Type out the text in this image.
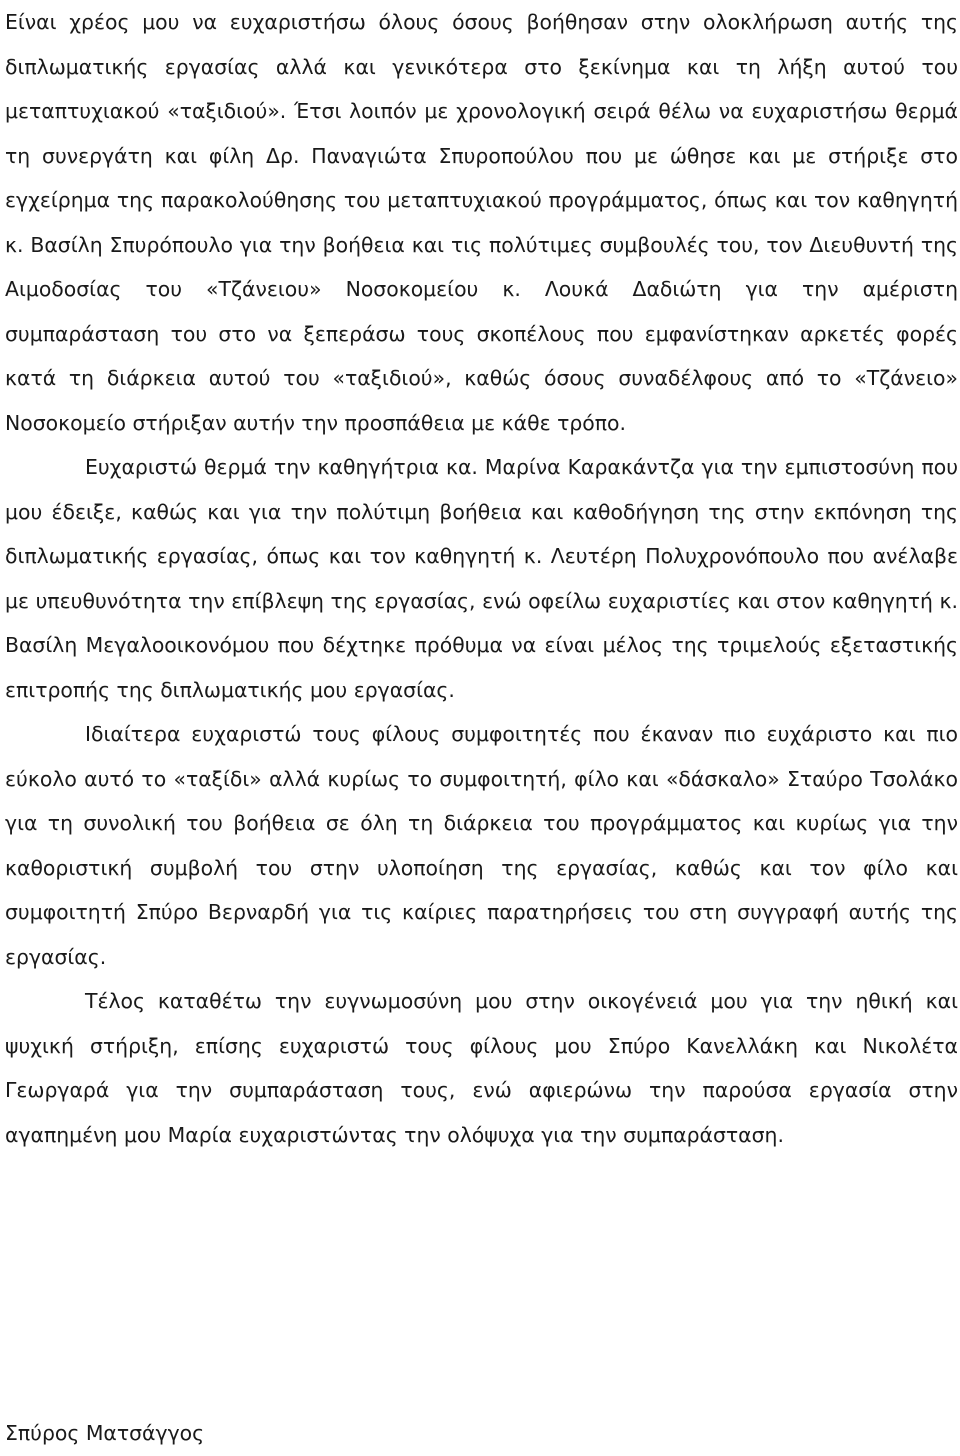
Είναι χρέος μου να ευχαριστήσω όλους όσους βοήθησαν στην ολοκλήρωση αυτής της διπλωματικής εργασίας αλλά και γενικότερα στο ξεκίνημα και τη λήξη αυτού του μεταπτυχιακού «ταξιδιού». Έτσι λοιπόν με χρονολογική σειρά θέλω να ευχαριστήσω θερμά τη συνεργάτη και φίλη Δρ. Παναγιώτα Σπυροπούλου που με ώθησε και με στήριξε στο εγχείρημα της παρακολούθησης του μεταπτυχιακού προγράμματος, όπως και τον καθηγητή κ. Βασίλη Σπυρόπουλο για την βοήθεια και τις πολύτιμες συμβουλές του, τον Διευθυντή της Αιμοδοσίας του «Τζάνειου» Νοσοκομείου κ. Λουκά Δαδιώτη για την αμέριστη συμπαράσταση του στο να ξεπεράσω τους σκοπέλους που εμφανίστηκαν αρκετές φορές κατά τη διάρκεια αυτού του «ταξιδιού», καθώς όσους συναδέλφους από το «Τζάνειο» Νοσοκομείο στήριξαν αυτήν την προσπάθεια με κάθε τρόπο.

Ευχαριστώ θερμά την καθηγήτρια κα. Μαρίνα Καρακάντζα για την εμπιστοσύνη που μου έδειξε, καθώς και για την πολύτιμη βοήθεια και καθοδήγηση της στην εκπόνηση της διπλωματικής εργασίας, όπως και τον καθηγητή κ. Λευτέρη Πολυχρονόπουλο που ανέλαβε με υπευθυνότητα την επίβλεψη της εργασίας, ενώ οφείλω ευχαριστίες και στον καθηγητή κ. Βασίλη Μεγαλοοικονόμου που δέχτηκε πρόθυμα να είναι μέλος της τριμελούς εξεταστικής επιτροπής της διπλωματικής μου εργασίας.

Ιδιαίτερα ευχαριστώ τους φίλους συμφοιτητές που έκαναν πιο ευχάριστο και πιο εύκολο αυτό το «ταξίδι» αλλά κυρίως το συμφοιτητή, φίλο και «δάσκαλο» Σταύρο Τσολάκο για τη συνολική του βοήθεια σε όλη τη διάρκεια του προγράμματος και κυρίως για την καθοριστική συμβολή του στην υλοποίηση της εργασίας, καθώς και τον φίλο και συμφοιτητή Σπύρο Βερναρδή για τις καίριες παρατηρήσεις του στη συγγραφή αυτής της εργασίας.

Τέλος καταθέτω την ευγνωμοσύνη μου στην οικογένειά μου για την ηθική και ψυχική στήριξη, επίσης ευχαριστώ τους φίλους μου Σπύρο Κανελλάκη και Νικολέτα Γεωργαρά για την συμπαράσταση τους, ενώ αφιερώνω την παρούσα εργασία στην αγαπημένη μου Μαρία ευχαριστώντας την ολόψυχα για την συμπαράσταση.

Σπύρος Ματσάγγος
